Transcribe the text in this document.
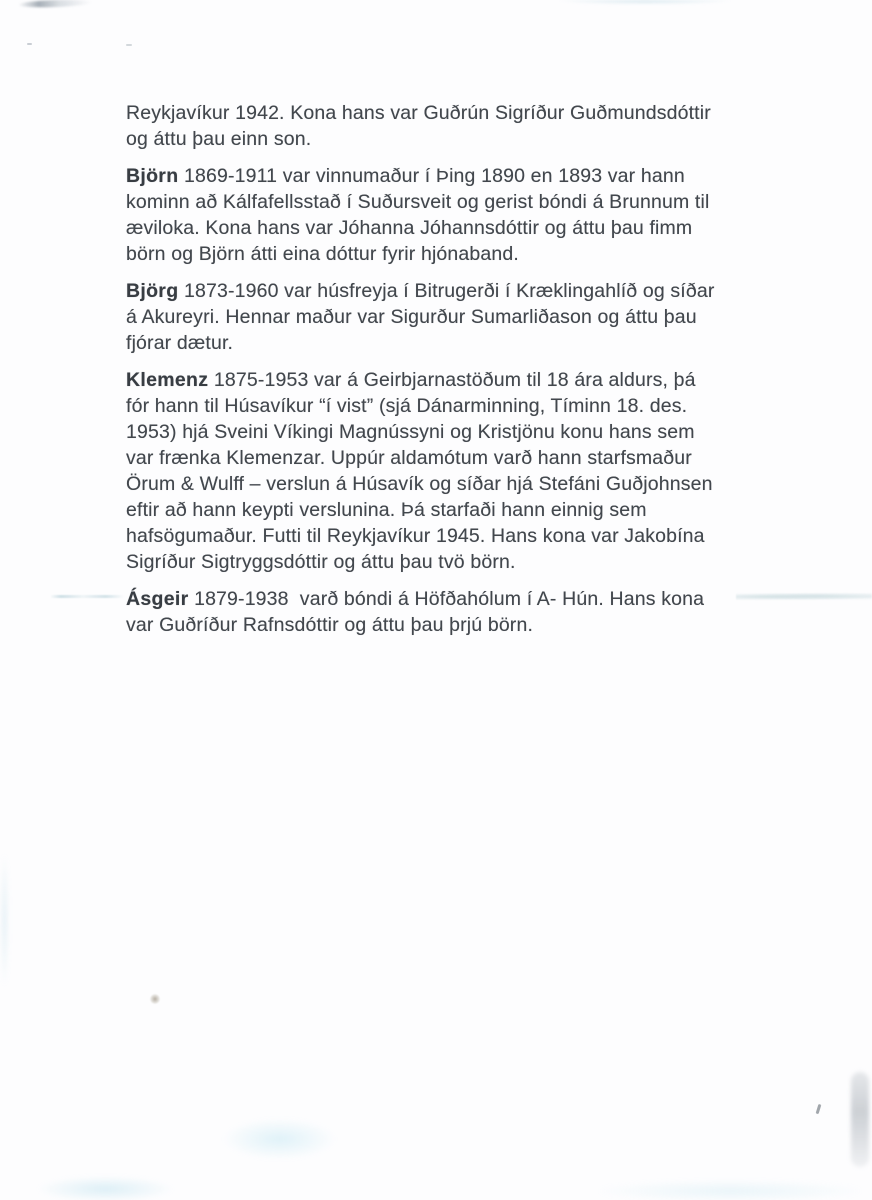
Reykjavíkur 1942. Kona hans var Guðrún Sigríður Guðmundsdóttir
og áttu þau einn son.

Björn 1869-1911 var vinnumaður í Þing 1890 en 1893 var hann
kominn að Kálfafellsstað í Suðursveit og gerist bóndi á Brunnum til
æviloka. Kona hans var Jóhanna Jóhannsdóttir og áttu þau fimm
börn og Björn átti eina dóttur fyrir hjónaband.

Björg 1873-1960 var húsfreyja í Bitrugerði í Kræklingahlíð og síðar
á Akureyri. Hennar maður var Sigurður Sumarliðason og áttu þau
fjórar dætur.

Klemenz 1875-1953 var á Geirbjarnastöðum til 18 ára aldurs, þá
fór hann til Húsavíkur “í vist” (sjá Dánarminning, Tíminn 18. des.
1953) hjá Sveini Víkingi Magnússyni og Kristjönu konu hans sem
var frænka Klemenzar. Uppúr aldamótum varð hann starfsmaður
Örum & Wulff – verslun á Húsavík og síðar hjá Stefáni Guðjohnsen
eftir að hann keypti verslunina. Þá starfaði hann einnig sem
hafsögumaður. Futti til Reykjavíkur 1945. Hans kona var Jakobína
Sigríður Sigtryggsdóttir og áttu þau tvö börn.

Ásgeir 1879-1938  varð bóndi á Höfðahólum í A- Hún. Hans kona
var Guðríður Rafnsdóttir og áttu þau þrjú börn.
